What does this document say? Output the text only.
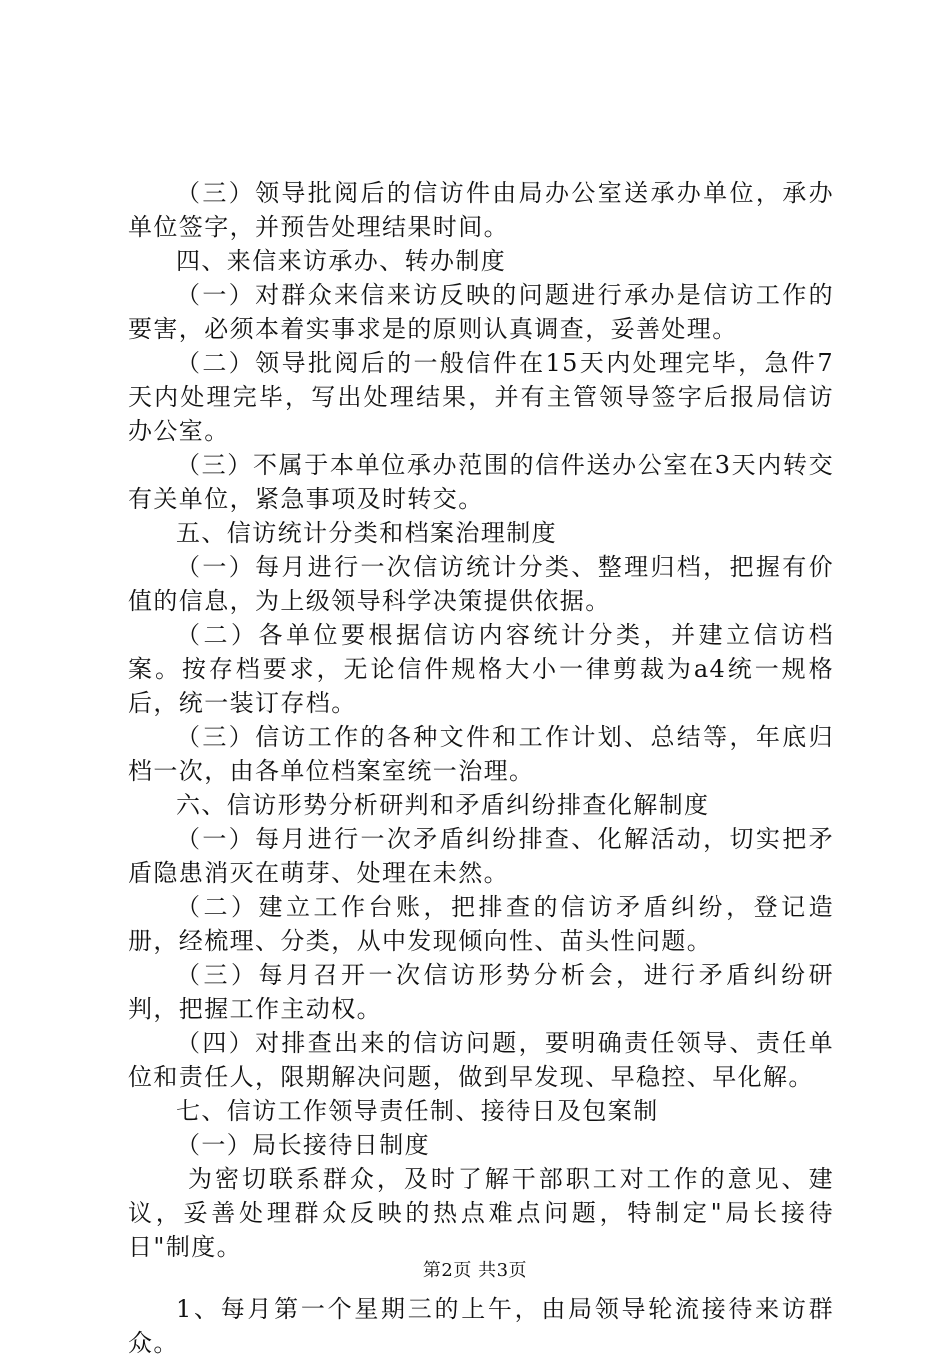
（三）领导批阅后的信访件由局办公室送承办单位，承办单位签字，并预告处理结果时间。

四、来信来访承办、转办制度

（一）对群众来信来访反映的问题进行承办是信访工作的要害，必须本着实事求是的原则认真调查，妥善处理。

（二）领导批阅后的一般信件在15天内处理完毕，急件7天内处理完毕，写出处理结果，并有主管领导签字后报局信访办公室。

（三）不属于本单位承办范围的信件送办公室在3天内转交有关单位，紧急事项及时转交。

五、信访统计分类和档案治理制度

（一）每月进行一次信访统计分类、整理归档，把握有价值的信息，为上级领导科学决策提供依据。

（二）各单位要根据信访内容统计分类，并建立信访档案。按存档要求，无论信件规格大小一律剪裁为a4统一规格后，统一装订存档。

（三）信访工作的各种文件和工作计划、总结等，年底归档一次，由各单位档案室统一治理。

六、信访形势分析研判和矛盾纠纷排查化解制度

（一）每月进行一次矛盾纠纷排查、化解活动，切实把矛盾隐患消灭在萌芽、处理在未然。

（二）建立工作台账，把排查的信访矛盾纠纷，登记造册，经梳理、分类，从中发现倾向性、苗头性问题。

（三）每月召开一次信访形势分析会，进行矛盾纠纷研判，把握工作主动权。

（四）对排查出来的信访问题，要明确责任领导、责任单位和责任人，限期解决问题，做到早发现、早稳控、早化解。

七、信访工作领导责任制、接待日及包案制

（一）局长接待日制度

为密切联系群众，及时了解干部职工对工作的意见、建议，妥善处理群众反映的热点难点问题，特制定"局长接待日"制度。

1、每月第一个星期三的上午，由局领导轮流接待来访群众。

第2页 共3页
